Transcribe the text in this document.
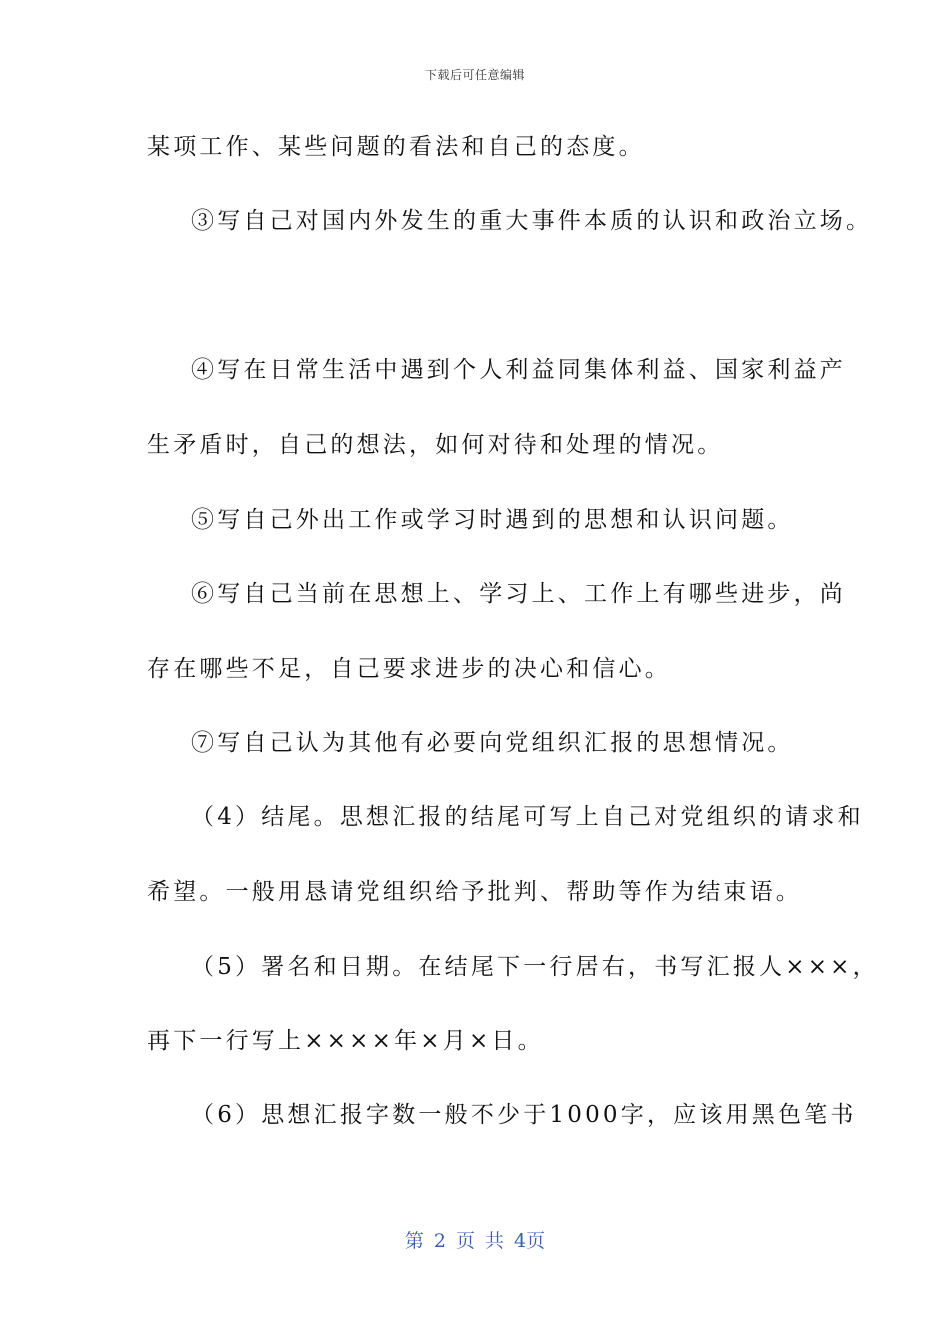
下载后可任意编辑
某项工作、某些问题的看法和自己的态度。
③写自己对国内外发生的重大事件本质的认识和政治立场。
④写在日常生活中遇到个人利益同集体利益、国家利益产
生矛盾时，自己的想法，如何对待和处理的情况。
⑤写自己外出工作或学习时遇到的思想和认识问题。
⑥写自己当前在思想上、学习上、工作上有哪些进步，尚
存在哪些不足，自己要求进步的决心和信心。
⑦写自己认为其他有必要向党组织汇报的思想情况。
（4）结尾。思想汇报的结尾可写上自己对党组织的请求和
希望。一般用恳请党组织给予批判、帮助等作为结束语。
（5）署名和日期。在结尾下一行居右，书写汇报人×××，
再下一行写上××××年×月×日。
（6）思想汇报字数一般不少于1000字，应该用黑色笔书
第 2 页 共 4页
